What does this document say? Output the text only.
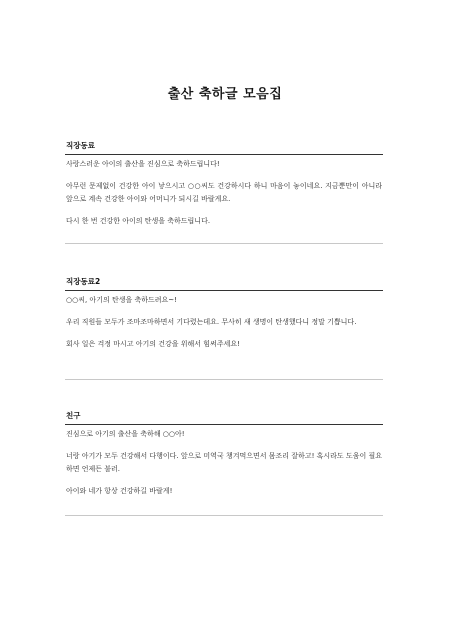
출산 축하글 모음집
직장동료

사랑스러운 아이의 출산을 진심으로 축하드립니다!

아무런 문제없이 건강한 아이 낳으시고 ○○씨도 건강하시다 하니 마음이 놓이네요. 지금뿐만이 아니라 앞으로 계속 건강한 아이와 어머니가 되시길 바랄게요.

다시 한 번 건강한 아이의 탄생을 축하드립니다.

직장동료2

○○씨, 아기의 탄생을 축하드려요~!

우리 직원들 모두가 조마조마하면서 기다렸는데요. 무사히 새 생명이 탄생했다니 정말 기쁩니다.

회사 일은 걱정 마시고 아기의 건강을 위해서 힘써주세요!

친구

진심으로 아기의 출산을 축하해 ○○아!

너랑 아기가 모두 건강해서 다행이다. 앞으로 미역국 챙겨먹으면서 몸조리 잘하고! 혹시라도 도움이 필요하면 언제든 불러.

아이와 네가 항상 건강하길 바랄게!
